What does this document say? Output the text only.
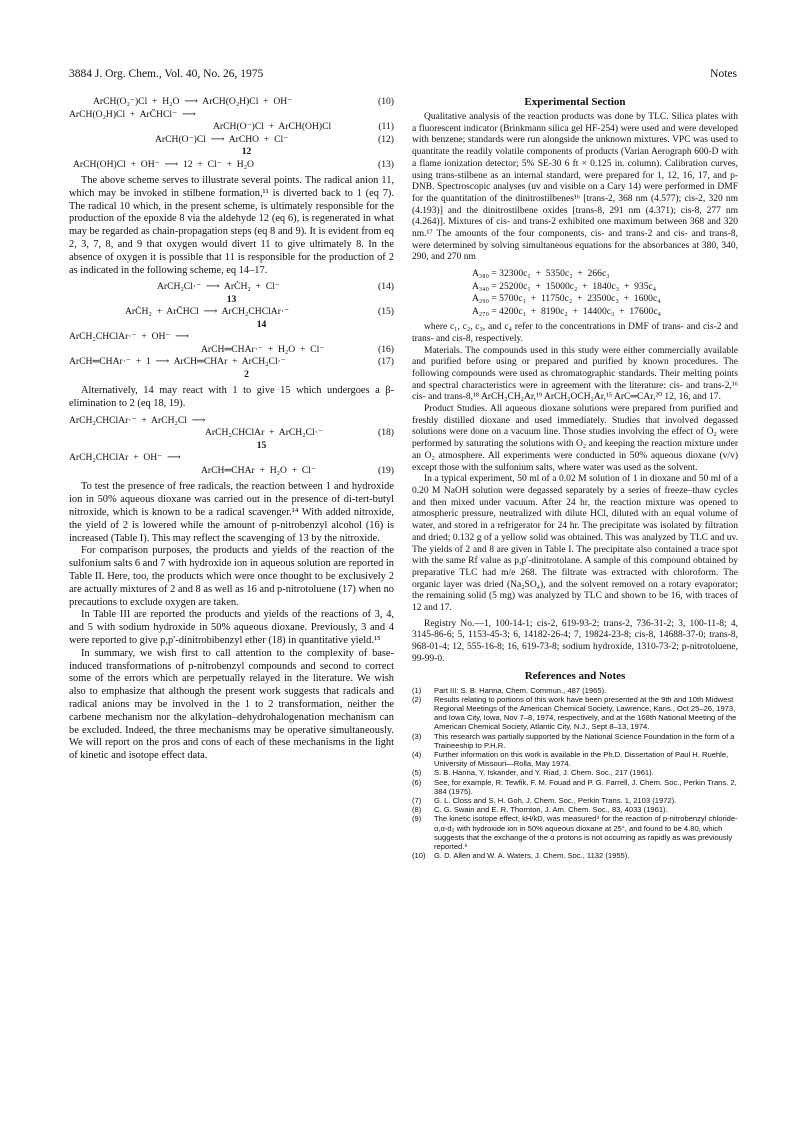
3884 J. Org. Chem., Vol. 40, No. 26, 1975	Notes
ArCH(O₂⁻)Cl  +  H₂O  ⟶  ArCH(O₂H)Cl  +  OH⁻	(10)
ArCH(O₂H)Cl  +  ArC̄HCl⁻  ⟶
ArCH(O⁻)Cl  +  ArCH(OH)Cl	(11)
ArCH(O⁻)Cl  ⟶  ArCHO  +  Cl⁻	(12)
12
ArCH(OH)Cl  +  OH⁻  ⟶  12  +  Cl⁻  +  H₂O	(13)

The above scheme serves to illustrate several points. The radical anion 11, which may be invoked in stilbene formation,¹¹ is diverted back to 1 (eq 7). The radical 10 which, in the present scheme, is ultimately responsible for the production of the epoxide 8 via the aldehyde 12 (eq 6), is regenerated in what may be regarded as chain-propagation steps (eq 8 and 9). It is evident from eq 2, 3, 7, 8, and 9 that oxygen would divert 11 to give ultimately 8. In the absence of oxygen it is possible that 11 is responsible for the production of 2 as indicated in the following scheme, eq 14–17.

ArCH₂Cl·⁻  ⟶  ArĊH₂  +  Cl⁻	(14)
13
ArĊH₂  +  ArC̄HCl  ⟶  ArCH₂CHClAr·⁻	(15)
14
ArCH₂CHClAr·⁻  +  OH⁻  ⟶
ArCH═CHAr·⁻  +  H₂O  +  Cl⁻	(16)
ArCH═CHAr·⁻  +  1  ⟶  ArCH═CHAr  +  ArCH₂Cl·⁻	(17)
2

Alternatively, 14 may react with 1 to give 15 which undergoes a β-elimination to 2 (eq 18, 19).

ArCH₂CHClAr·⁻  +  ArCH₂Cl  ⟶
ArCH₂CHClAr  +  ArCH₂Cl·⁻	(18)
15
ArCH₂CHClAr  +  OH⁻  ⟶
ArCH═CHAr  +  H₂O  +  Cl⁻	(19)

To test the presence of free radicals, the reaction between 1 and hydroxide ion in 50% aqueous dioxane was carried out in the presence of di-tert-butyl nitroxide, which is known to be a radical scavenger.¹⁴ With added nitroxide, the yield of 2 is lowered while the amount of p-nitrobenzyl alcohol (16) is increased (Table I). This may reflect the scavenging of 13 by the nitroxide.

For comparison purposes, the products and yields of the reaction of the sulfonium salts 6 and 7 with hydroxide ion in aqueous solution are reported in Table II. Here, too, the products which were once thought to be exclusively 2 are actually mixtures of 2 and 8 as well as 16 and p-nitrotoluene (17) when no precautions to exclude oxygen are taken.

In Table III are reported the products and yields of the reactions of 3, 4, and 5 with sodium hydroxide in 50% aqueous dioxane. Previously, 3 and 4 were reported to give p,p′-dinitrobibenzyl ether (18) in quantitative yield.¹⁵

In summary, we wish first to call attention to the complexity of base-induced transformations of p-nitrobenzyl compounds and second to correct some of the errors which are perpetually relayed in the literature. We wish also to emphasize that although the present work suggests that radicals and radical anions may be involved in the 1 to 2 transformation, neither the carbene mechanism nor the alkylation–dehydrohalogenation mechanism can be excluded. Indeed, the three mechanisms may be operative simultaneously. We will report on the pros and cons of each of these mechanisms in the light of kinetic and isotope effect data.

Experimental Section

Qualitative analysis of the reaction products was done by TLC. Silica plates with a fluorescent indicator (Brinkmann silica gel HF-254) were used and were developed with benzene; standards were run alongside the unknown mixtures. VPC was used to quantitate the readily volatile components of products (Varian Aerograph 600-D with a flame ionization detector; 5% SE-30 6 ft × 0.125 in. column). Calibration curves, using trans-stilbene as an internal standard, were prepared for 1, 12, 16, 17, and p-DNB. Spectroscopic analyses (uv and visible on a Cary 14) were performed in DMF for the quantitation of the dinitrostilbenes¹⁶ [trans-2, 368 nm (4.577); cis-2, 320 nm (4.193)] and the dinitrostilbene oxides [trans-8, 291 nm (4.371); cis-8, 277 nm (4.264)]. Mixtures of cis- and trans-2 exhibited one maximum between 368 and 320 nm.¹⁷ The amounts of the four components, cis- and trans-2 and cis- and trans-8, were determined by solving simultaneous equations for the absorbances at 380, 340, 290, and 270 nm

A₃₈₀ = 32300c₁  +  5350c₂  +  266c₃
A₃₄₀ = 25200c₁  +  15000c₂  +  1840c₃  +  935c₄
A₂₉₀ = 5700c₁  +  11750c₂  +  23500c₃  +  1600c₄
A₂₇₀ = 4200c₁  +  8190c₂  +  14400c₃  +  17600c₄

where c₁, c₂, c₃, and c₄ refer to the concentrations in DMF of trans- and cis-2 and trans- and cis-8, respectively.

Materials. The compounds used in this study were either commercially available and purified before using or prepared and purified by known procedures. The following compounds were used as chromatographic standards. Their melting points and spectral characteristics were in agreement with the literature: cis- and trans-2,¹⁶ cis- and trans-8,¹⁸ ArCH₂CH₂Ar,¹⁹ ArCH₂OCH₂Ar,¹⁵ ArC═CAr,²⁰ 12, 16, and 17.

Product Studies. All aqueous dioxane solutions were prepared from purified and freshly distilled dioxane and used immediately. Studies that involved degassed solutions were done on a vacuum line. Those studies involving the effect of O₂ were performed by saturating the solutions with O₂ and keeping the reaction mixture under an O₂ atmosphere. All experiments were conducted in 50% aqueous dioxane (v/v) except those with the sulfonium salts, where water was used as the solvent.

In a typical experiment, 50 ml of a 0.02 M solution of 1 in dioxane and 50 ml of a 0.20 M NaOH solution were degassed separately by a series of freeze–thaw cycles and then mixed under vacuum. After 24 hr, the reaction mixture was opened to atmospheric pressure, neutralized with dilute HCl, diluted with an equal volume of water, and stored in a refrigerator for 24 hr. The precipitate was isolated by filtration and dried; 0.132 g of a yellow solid was obtained. This was analyzed by TLC and uv. The yields of 2 and 8 are given in Table I. The precipitate also contained a trace spot with the same Rf value as p,p′-dinitrotolane. A sample of this compound obtained by preparative TLC had m/e 268. The filtrate was extracted with chloroform. The organic layer was dried (Na₂SO₄), and the solvent removed on a rotary evaporator; the remaining solid (5 mg) was analyzed by TLC and shown to be 16, with traces of 12 and 17.

Registry No.—1, 100-14-1; cis-2, 619-93-2; trans-2, 736-31-2; 3, 100-11-8; 4, 3145-86-6; 5, 1153-45-3; 6, 14182-26-4; 7, 19824-23-8; cis-8, 14688-37-0; trans-8, 968-01-4; 12, 555-16-8; 16, 619-73-8; sodium hydroxide, 1310-73-2; p-nitrotoluene, 99-99-0.

References and Notes
(1) Part III: S. B. Hanna, Chem. Commun., 487 (1965).
(2) Results relating to portions of this work have been presented at the 9th and 10th Midwest Regional Meetings of the American Chemical Society, Lawrence, Kans., Oct 25–26, 1973, and Iowa City, Iowa, Nov 7–8, 1974, respectively, and at the 168th National Meeting of the American Chemical Society, Atlantic City, N.J., Sept 8–13, 1974.
(3) This research was partially supported by the National Science Foundation in the form of a Traineeship to P.H.R.
(4) Further information on this work is available in the Ph.D. Dissertation of Paul H. Ruehle, University of Missouri—Rolla, May 1974.
(5) S. B. Hanna, Y. Iskander, and Y. Riad, J. Chem. Soc., 217 (1961).
(6) See, for example, R. Tewfik, F. M. Fouad and P. G. Farrell, J. Chem. Soc., Perkin Trans. 2, 384 (1975).
(7) G. L. Closs and S. H. Goh, J. Chem. Soc., Perkin Trans. 1, 2103 (1972).
(8) C. G. Swain and E. R. Thornton, J. Am. Chem. Soc., 83, 4033 (1961).
(9) The kinetic isotope effect, kH/kD, was measured⁴ for the reaction of p-nitrobenzyl chloride-α,α-d₂ with hydroxide ion in 50% aqueous dioxane at 25°, and found to be 4.80, which suggests that the exchange of the α protons is not occurring as rapidly as was previously reported.⁶
(10) G. D. Allen and W. A. Waters, J. Chem. Soc., 1132 (1955).
